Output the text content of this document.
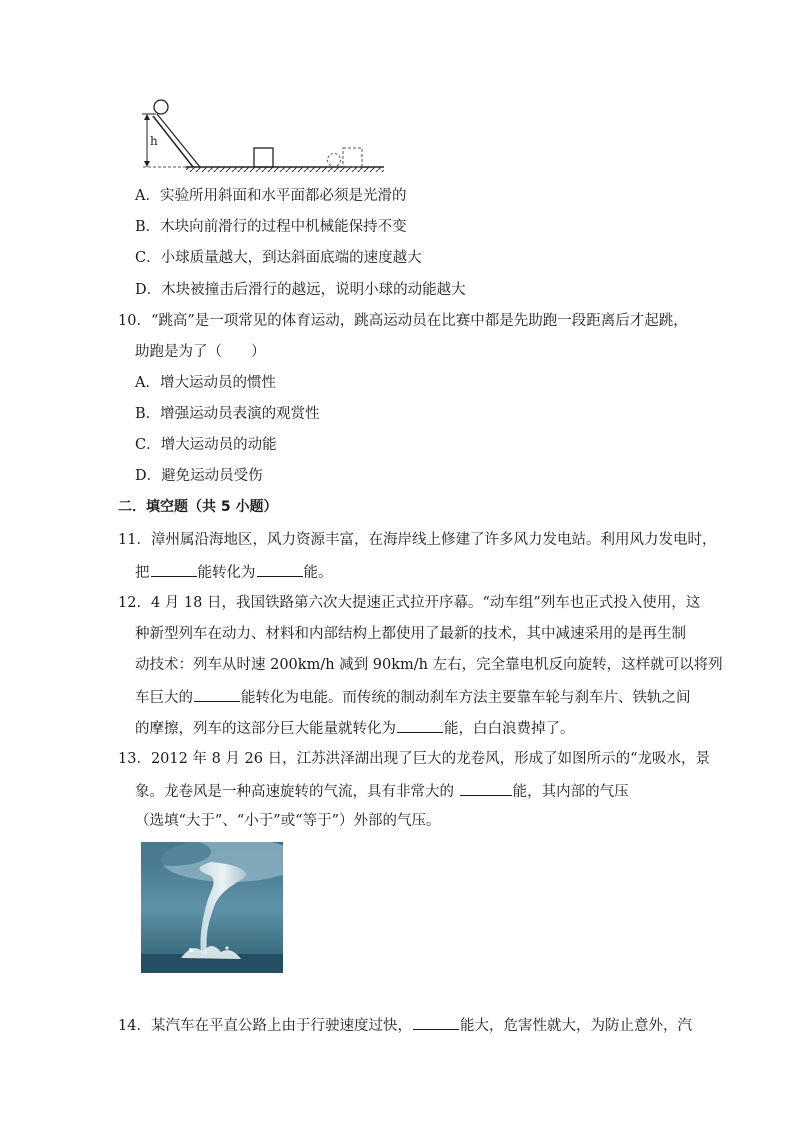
h
A．实验所用斜面和水平面都必须是光滑的
B．木块向前滑行的过程中机械能保持不变
C．小球质量越大，到达斜面底端的速度越大
D．木块被撞击后滑行的越远，说明小球的动能越大
10．“跳高”是一项常见的体育运动，跳高运动员在比赛中都是先助跑一段距离后才起跳，
助跑是为了（　　）
A．增大运动员的惯性
B．增强运动员表演的观赏性
C．增大运动员的动能
D．避免运动员受伤
二．填空题（共 5 小题）
11．漳州属沿海地区，风力资源丰富，在海岸线上修建了许多风力发电站。利用风力发电时，
把	能转化为	能。
12．4 月 18 日，我国铁路第六次大提速正式拉开序幕。“动车组”列车也正式投入使用，这
种新型列车在动力、材料和内部结构上都使用了最新的技术，其中减速采用的是再生制
动技术：列车从时速 200km/h 减到 90km/h 左右，完全靠电机反向旋转，这样就可以将列
车巨大的	能转化为电能。而传统的制动刹车方法主要靠车轮与刹车片、铁轨之间
的摩擦，列车的这部分巨大能量就转化为	能，白白浪费掉了。
13．2012 年 8 月 26 日，江苏洪泽湖出现了巨大的龙卷风，形成了如图所示的“龙吸水，景
象。龙卷风是一种高速旋转的气流，具有非常大的	能，其内部的气压
（选填“大于”、“小于”或“等于”）外部的气压。
14．某汽车在平直公路上由于行驶速度过快，	能大，危害性就大，为防止意外，汽
